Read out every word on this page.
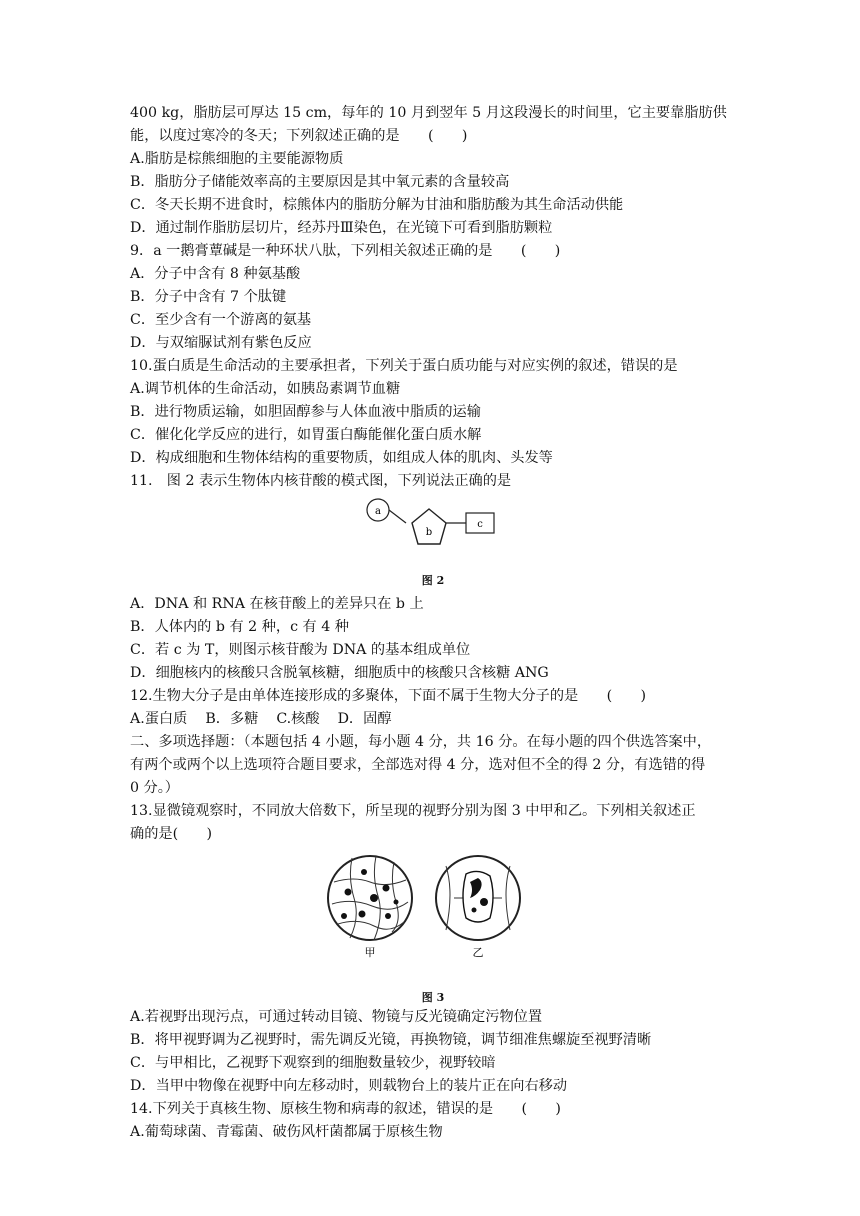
400 kg，脂肪层可厚达 15 cm，每年的 10 月到翌年 5 月这段漫长的时间里，它主要靠脂肪供
能，以度过寒冷的冬天；下列叙述正确的是　　(　　)
A.脂肪是棕熊细胞的主要能源物质
B．脂肪分子储能效率高的主要原因是其中氧元素的含量较高
C．冬天长期不进食时，棕熊体内的脂肪分解为甘油和脂肪酸为其生命活动供能
D．通过制作脂肪层切片，经苏丹Ⅲ染色，在光镜下可看到脂肪颗粒
9．a 一鹅膏蕈碱是一种环状八肽，下列相关叙述正确的是　　(　　)
A．分子中含有 8 种氨基酸
B．分子中含有 7 个肽键
C．至少含有一个游离的氨基
D．与双缩脲试剂有紫色反应
10.蛋白质是生命活动的主要承担者，下列关于蛋白质功能与对应实例的叙述，错误的是
A.调节机体的生命活动，如胰岛素调节血糖
B．进行物质运输，如胆固醇参与人体血液中脂质的运输
C．催化化学反应的进行，如胃蛋白酶能催化蛋白质水解
D．构成细胞和生物体结构的重要物质，如组成人体的肌肉、头发等
11.　图 2 表示生物体内核苷酸的模式图，下列说法正确的是
a
b
c
图 2
A．DNA 和 RNA 在核苷酸上的差异只在 b 上
B．人体内的 b 有 2 种，c 有 4 种
C．若 c 为 T，则图示核苷酸为 DNA 的基本组成单位
D．细胞核内的核酸只含脱氧核糖，细胞质中的核酸只含核糖 ANG
12.生物大分子是由单体连接形成的多聚体，下面不属于生物大分子的是　　(　　)
A.蛋白质 B．多糖 C.核酸 D．固醇
二、多项选择题：（本题包括 4 小题，每小题 4 分，共 16 分。在每小题的四个供选答案中，
有两个或两个以上选项符合题目要求，全部选对得 4 分，选对但不全的得 2 分，有选错的得
0 分。）
13.显微镜观察时，不同放大倍数下，所呈现的视野分别为图 3 中甲和乙。下列相关叙述正
确的是(　　)
甲	乙
图 3
A.若视野出现污点，可通过转动目镜、物镜与反光镜确定污物位置
B．将甲视野调为乙视野时，需先调反光镜，再换物镜，调节细准焦螺旋至视野清晰
C．与甲相比，乙视野下观察到的细胞数量较少，视野较暗
D．当甲中物像在视野中向左移动时，则载物台上的装片正在向右移动
14.下列关于真核生物、原核生物和病毒的叙述，错误的是　　(　　)
A.葡萄球菌、青霉菌、破伤风杆菌都属于原核生物
